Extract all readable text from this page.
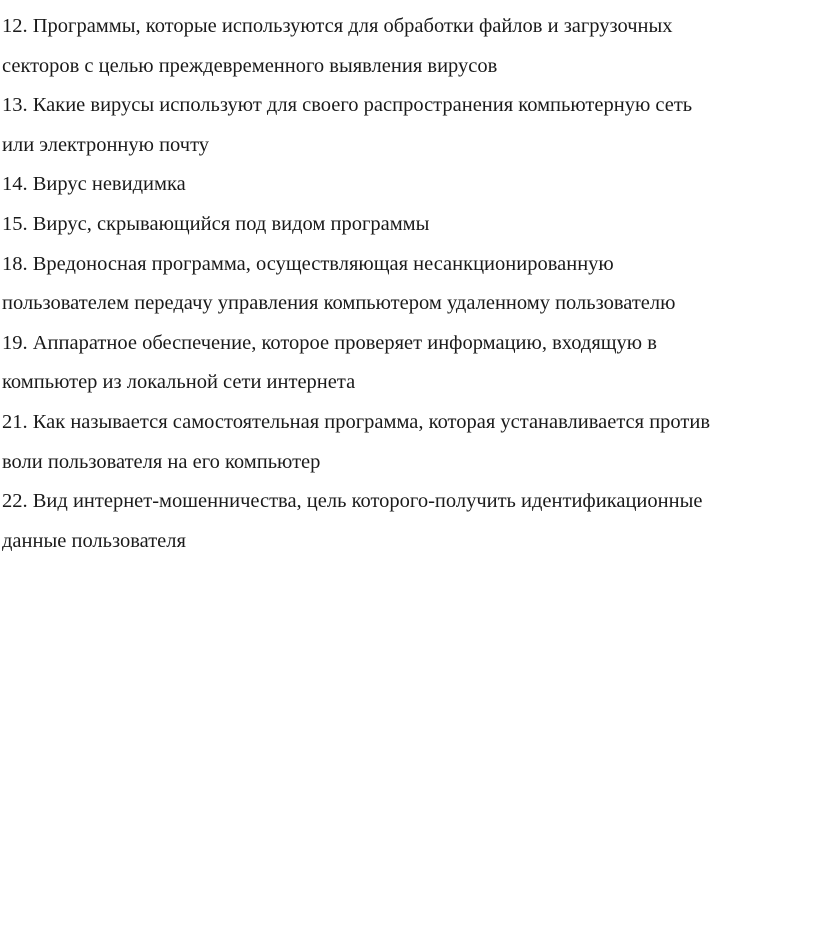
12. Программы, которые используются для обработки файлов и загрузочных
секторов с целью преждевременного выявления вирусов
13. Какие вирусы используют для своего распространения компьютерную сеть
или электронную почту
14. Вирус невидимка
15. Вирус, скрывающийся под видом программы
18. Вредоносная программа, осуществляющая несанкционированную
пользователем передачу управления компьютером удаленному пользователю
19. Аппаратное обеспечение, которое проверяет информацию, входящую в
компьютер из локальной сети интернета
21. Как называется самостоятельная программа, которая устанавливается против
воли пользователя на его компьютер
22. Вид интернет-мошенничества, цель которого-получить идентификационные
данные пользователя
